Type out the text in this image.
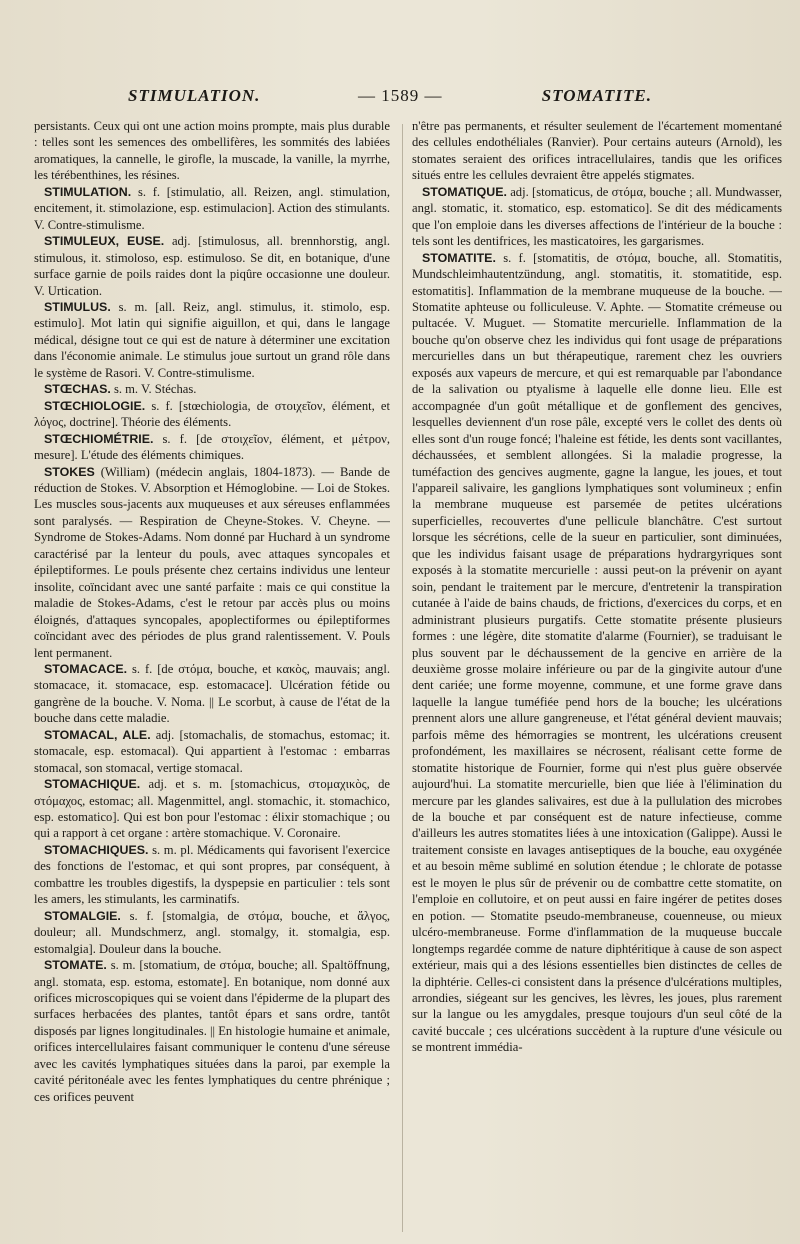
STIMULATION.	— 1589 —	STOMATITE.

persistants. Ceux qui ont une action moins prompte, mais plus durable : telles sont les semences des ombellifères, les sommités des labiées aromatiques, la cannelle, le girofle, la muscade, la vanille, la myrrhe, les térébenthines, les résines.

STIMULATION. s. f. [stimulatio, all. Reizen, angl. stimulation, encitement, it. stimolazione, esp. estimulacion]. Action des stimulants. V. Contre-stimulisme.

STIMULEUX, EUSE. adj. [stimulosus, all. brennhorstig, angl. stimulous, it. stimoloso, esp. estimuloso. Se dit, en botanique, d'une surface garnie de poils raides dont la piqûre occasionne une douleur. V. Urtication.

STIMULUS. s. m. [all. Reiz, angl. stimulus, it. stimolo, esp. estimulo]. Mot latin qui signifie aiguillon, et qui, dans le langage médical, désigne tout ce qui est de nature à déterminer une excitation dans l'économie animale. Le stimulus joue surtout un grand rôle dans le système de Rasori. V. Contre-stimulisme.

STŒCHAS. s. m. V. Stéchas.

STŒCHIOLOGIE. s. f. [stœchiologia, de στοιχεῖον, élément, et λόγος, doctrine]. Théorie des éléments.

STŒCHIOMÉTRIE. s. f. [de στοιχεῖον, élément, et μέτρον, mesure]. L'étude des éléments chimiques.

STOKES (William) (médecin anglais, 1804-1873). — Bande de réduction de Stokes. V. Absorption et Hémoglobine. — Loi de Stokes. Les muscles sous-jacents aux muqueuses et aux séreuses enflammées sont paralysés. — Respiration de Cheyne-Stokes. V. Cheyne. — Syndrome de Stokes-Adams. Nom donné par Huchard à un syndrome caractérisé par la lenteur du pouls, avec attaques syncopales et épileptiformes. Le pouls présente chez certains individus une lenteur insolite, coïncidant avec une santé parfaite : mais ce qui constitue la maladie de Stokes-Adams, c'est le retour par accès plus ou moins éloignés, d'attaques syncopales, apoplectiformes ou épileptiformes coïncidant avec des périodes de plus grand ralentissement. V. Pouls lent permanent.

STOMACACE. s. f. [de στόμα, bouche, et κακὸς, mauvais; angl. stomacace, it. stomacace, esp. estomacace]. Ulcération fétide ou gangrène de la bouche. V. Noma. || Le scorbut, à cause de l'état de la bouche dans cette maladie.

STOMACAL, ALE. adj. [stomachalis, de stomachus, estomac; it. stomacale, esp. estomacal). Qui appartient à l'estomac : embarras stomacal, son stomacal, vertige stomacal.

STOMACHIQUE. adj. et s. m. [stomachicus, στομαχικὸς, de στόμαχος, estomac; all. Magenmittel, angl. stomachic, it. stomachico, esp. estomatico]. Qui est bon pour l'estomac : élixir stomachique ; ou qui a rapport à cet organe : artère stomachique. V. Coronaire.

STOMACHIQUES. s. m. pl. Médicaments qui favorisent l'exercice des fonctions de l'estomac, et qui sont propres, par conséquent, à combattre les troubles digestifs, la dyspepsie en particulier : tels sont les amers, les stimulants, les carminatifs.

STOMALGIE. s. f. [stomalgia, de στόμα, bouche, et ἄλγος, douleur; all. Mundschmerz, angl. stomalgy, it. stomalgia, esp. estomalgia]. Douleur dans la bouche.

STOMATE. s. m. [stomatium, de στόμα, bouche; all. Spaltöffnung, angl. stomata, esp. estoma, estomate]. En botanique, nom donné aux orifices microscopiques qui se voient dans l'épiderme de la plupart des surfaces herbacées des plantes, tantôt épars et sans ordre, tantôt disposés par lignes longitudinales. || En histologie humaine et animale, orifices intercellulaires faisant communiquer le contenu d'une séreuse avec les cavités lymphatiques situées dans la paroi, par exemple la cavité péritonéale avec les fentes lymphatiques du centre phrénique ; ces orifices peuvent

n'être pas permanents, et résulter seulement de l'écartement momentané des cellules endothéliales (Ranvier). Pour certains auteurs (Arnold), les stomates seraient des orifices intracellulaires, tandis que les orifices situés entre les cellules devraient être appelés stigmates.

STOMATIQUE. adj. [stomaticus, de στόμα, bouche ; all. Mundwasser, angl. stomatic, it. stomatico, esp. estomatico]. Se dit des médicaments que l'on emploie dans les diverses affections de l'intérieur de la bouche : tels sont les dentifrices, les masticatoires, les gargarismes.

STOMATITE. s. f. [stomatitis, de στόμα, bouche, all. Stomatitis, Mundschleimhautentzündung, angl. stomatitis, it. stomatitide, esp. estomatitis]. Inflammation de la membrane muqueuse de la bouche. — Stomatite aphteuse ou folliculeuse. V. Aphte. — Stomatite crémeuse ou pultacée. V. Muguet. — Stomatite mercurielle. Inflammation de la bouche qu'on observe chez les individus qui font usage de préparations mercurielles dans un but thérapeutique, rarement chez les ouvriers exposés aux vapeurs de mercure, et qui est remarquable par l'abondance de la salivation ou ptyalisme à laquelle elle donne lieu. Elle est accompagnée d'un goût métallique et de gonflement des gencives, lesquelles deviennent d'un rose pâle, excepté vers le collet des dents où elles sont d'un rouge foncé; l'haleine est fétide, les dents sont vacillantes, déchaussées, et semblent allongées. Si la maladie progresse, la tuméfaction des gencives augmente, gagne la langue, les joues, et tout l'appareil salivaire, les ganglions lymphatiques sont volumineux ; enfin la membrane muqueuse est parsemée de petites ulcérations superficielles, recouvertes d'une pellicule blanchâtre. C'est surtout lorsque les sécrétions, celle de la sueur en particulier, sont diminuées, que les individus faisant usage de préparations hydrargyriques sont exposés à la stomatite mercurielle : aussi peut-on la prévenir on ayant soin, pendant le traitement par le mercure, d'entretenir la transpiration cutanée à l'aide de bains chauds, de frictions, d'exercices du corps, et en administrant plusieurs purgatifs. Cette stomatite présente plusieurs formes : une légère, dite stomatite d'alarme (Fournier), se traduisant le plus souvent par le déchaussement de la gencive en arrière de la deuxième grosse molaire inférieure ou par de la gingivite autour d'une dent cariée; une forme moyenne, commune, et une forme grave dans laquelle la langue tuméfiée pend hors de la bouche; les ulcérations prennent alors une allure gangreneuse, et l'état général devient mauvais; parfois même des hémorragies se montrent, les ulcérations creusent profondément, les maxillaires se nécrosent, réalisant cette forme de stomatite historique de Fournier, forme qui n'est plus guère observée aujourd'hui. La stomatite mercurielle, bien que liée à l'élimination du mercure par les glandes salivaires, est due à la pullulation des microbes de la bouche et par conséquent est de nature infectieuse, comme d'ailleurs les autres stomatites liées à une intoxication (Galippe). Aussi le traitement consiste en lavages antiseptiques de la bouche, eau oxygénée et au besoin même sublimé en solution étendue ; le chlorate de potasse est le moyen le plus sûr de prévenir ou de combattre cette stomatite, on l'emploie en collutoire, et on peut aussi en faire ingérer de petites doses en potion. — Stomatite pseudo-membraneuse, couenneuse, ou mieux ulcéro-membraneuse. Forme d'inflammation de la muqueuse buccale longtemps regardée comme de nature diphtéritique à cause de son aspect extérieur, mais qui a des lésions essentielles bien distinctes de celles de la diphtérie. Celles-ci consistent dans la présence d'ulcérations multiples, arrondies, siégeant sur les gencives, les lèvres, les joues, plus rarement sur la langue ou les amygdales, presque toujours d'un seul côté de la cavité buccale ; ces ulcérations succèdent à la rupture d'une vésicule ou se montrent immédia-
